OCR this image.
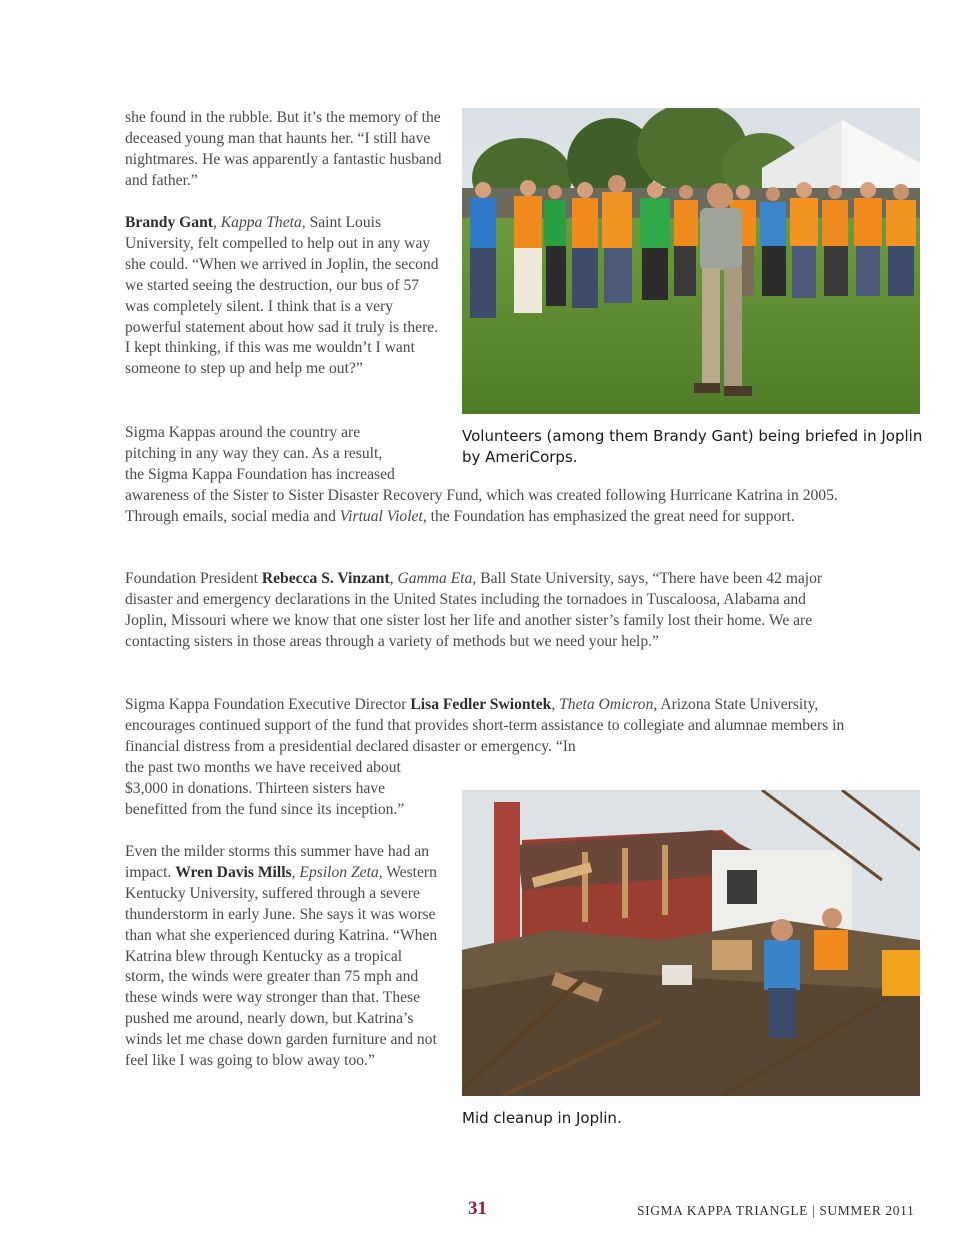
she found in the rubble. But it’s the memory of the deceased young man that haunts her. “I still have nightmares. He was apparently a fantastic husband and father.”

Brandy Gant, Kappa Theta, Saint Louis University, felt compelled to help out in any way she could. “When we arrived in Joplin, the second we started seeing the destruction, our bus of 57 was completely silent. I think that is a very powerful statement about how sad it truly is there. I kept thinking, if this was me wouldn’t I want someone to step up and help me out?”

Sigma Kappas around the country are
pitching in any way they can. As a result,
the Sigma Kappa Foundation has increased
awareness of the Sister to Sister Disaster Recovery Fund, which was created following Hurricane Katrina in 2005. Through emails, social media and Virtual Violet, the Foundation has emphasized the great need for support.

Foundation President Rebecca S. Vinzant, Gamma Eta, Ball State University, says, “There have been 42 major disaster and emergency declarations in the United States including the tornadoes in Tuscaloosa, Alabama and Joplin, Missouri where we know that one sister lost her life and another sister’s family lost their home. We are contacting sisters in those areas through a variety of methods but we need your help.”

Sigma Kappa Foundation Executive Director Lisa Fedler Swiontek, Theta Omicron, Arizona State University, encourages continued support of the fund that provides short-term assistance to collegiate and alumnae members in financial distress from a presidential declared disaster or emergency. “In

the past two months we have received about $3,000 in donations. Thirteen sisters have benefitted from the fund since its inception.”

Even the milder storms this summer have had an impact. Wren Davis Mills, Epsilon Zeta, Western Kentucky University, suffered through a severe thunderstorm in early June. She says it was worse than what she experienced during Katrina. “When Katrina blew through Kentucky as a tropical storm, the winds were greater than 75 mph and these winds were way stronger than that. These pushed me around, nearly down, but Katrina’s winds let me chase down garden furniture and not feel like I was going to blow away too.”

Volunteers (among them Brandy Gant) being briefed in Joplin by AmeriCorps.

Mid cleanup in Joplin.

31	SIGMA KAPPA TRIANGLE | SUMMER 2011
